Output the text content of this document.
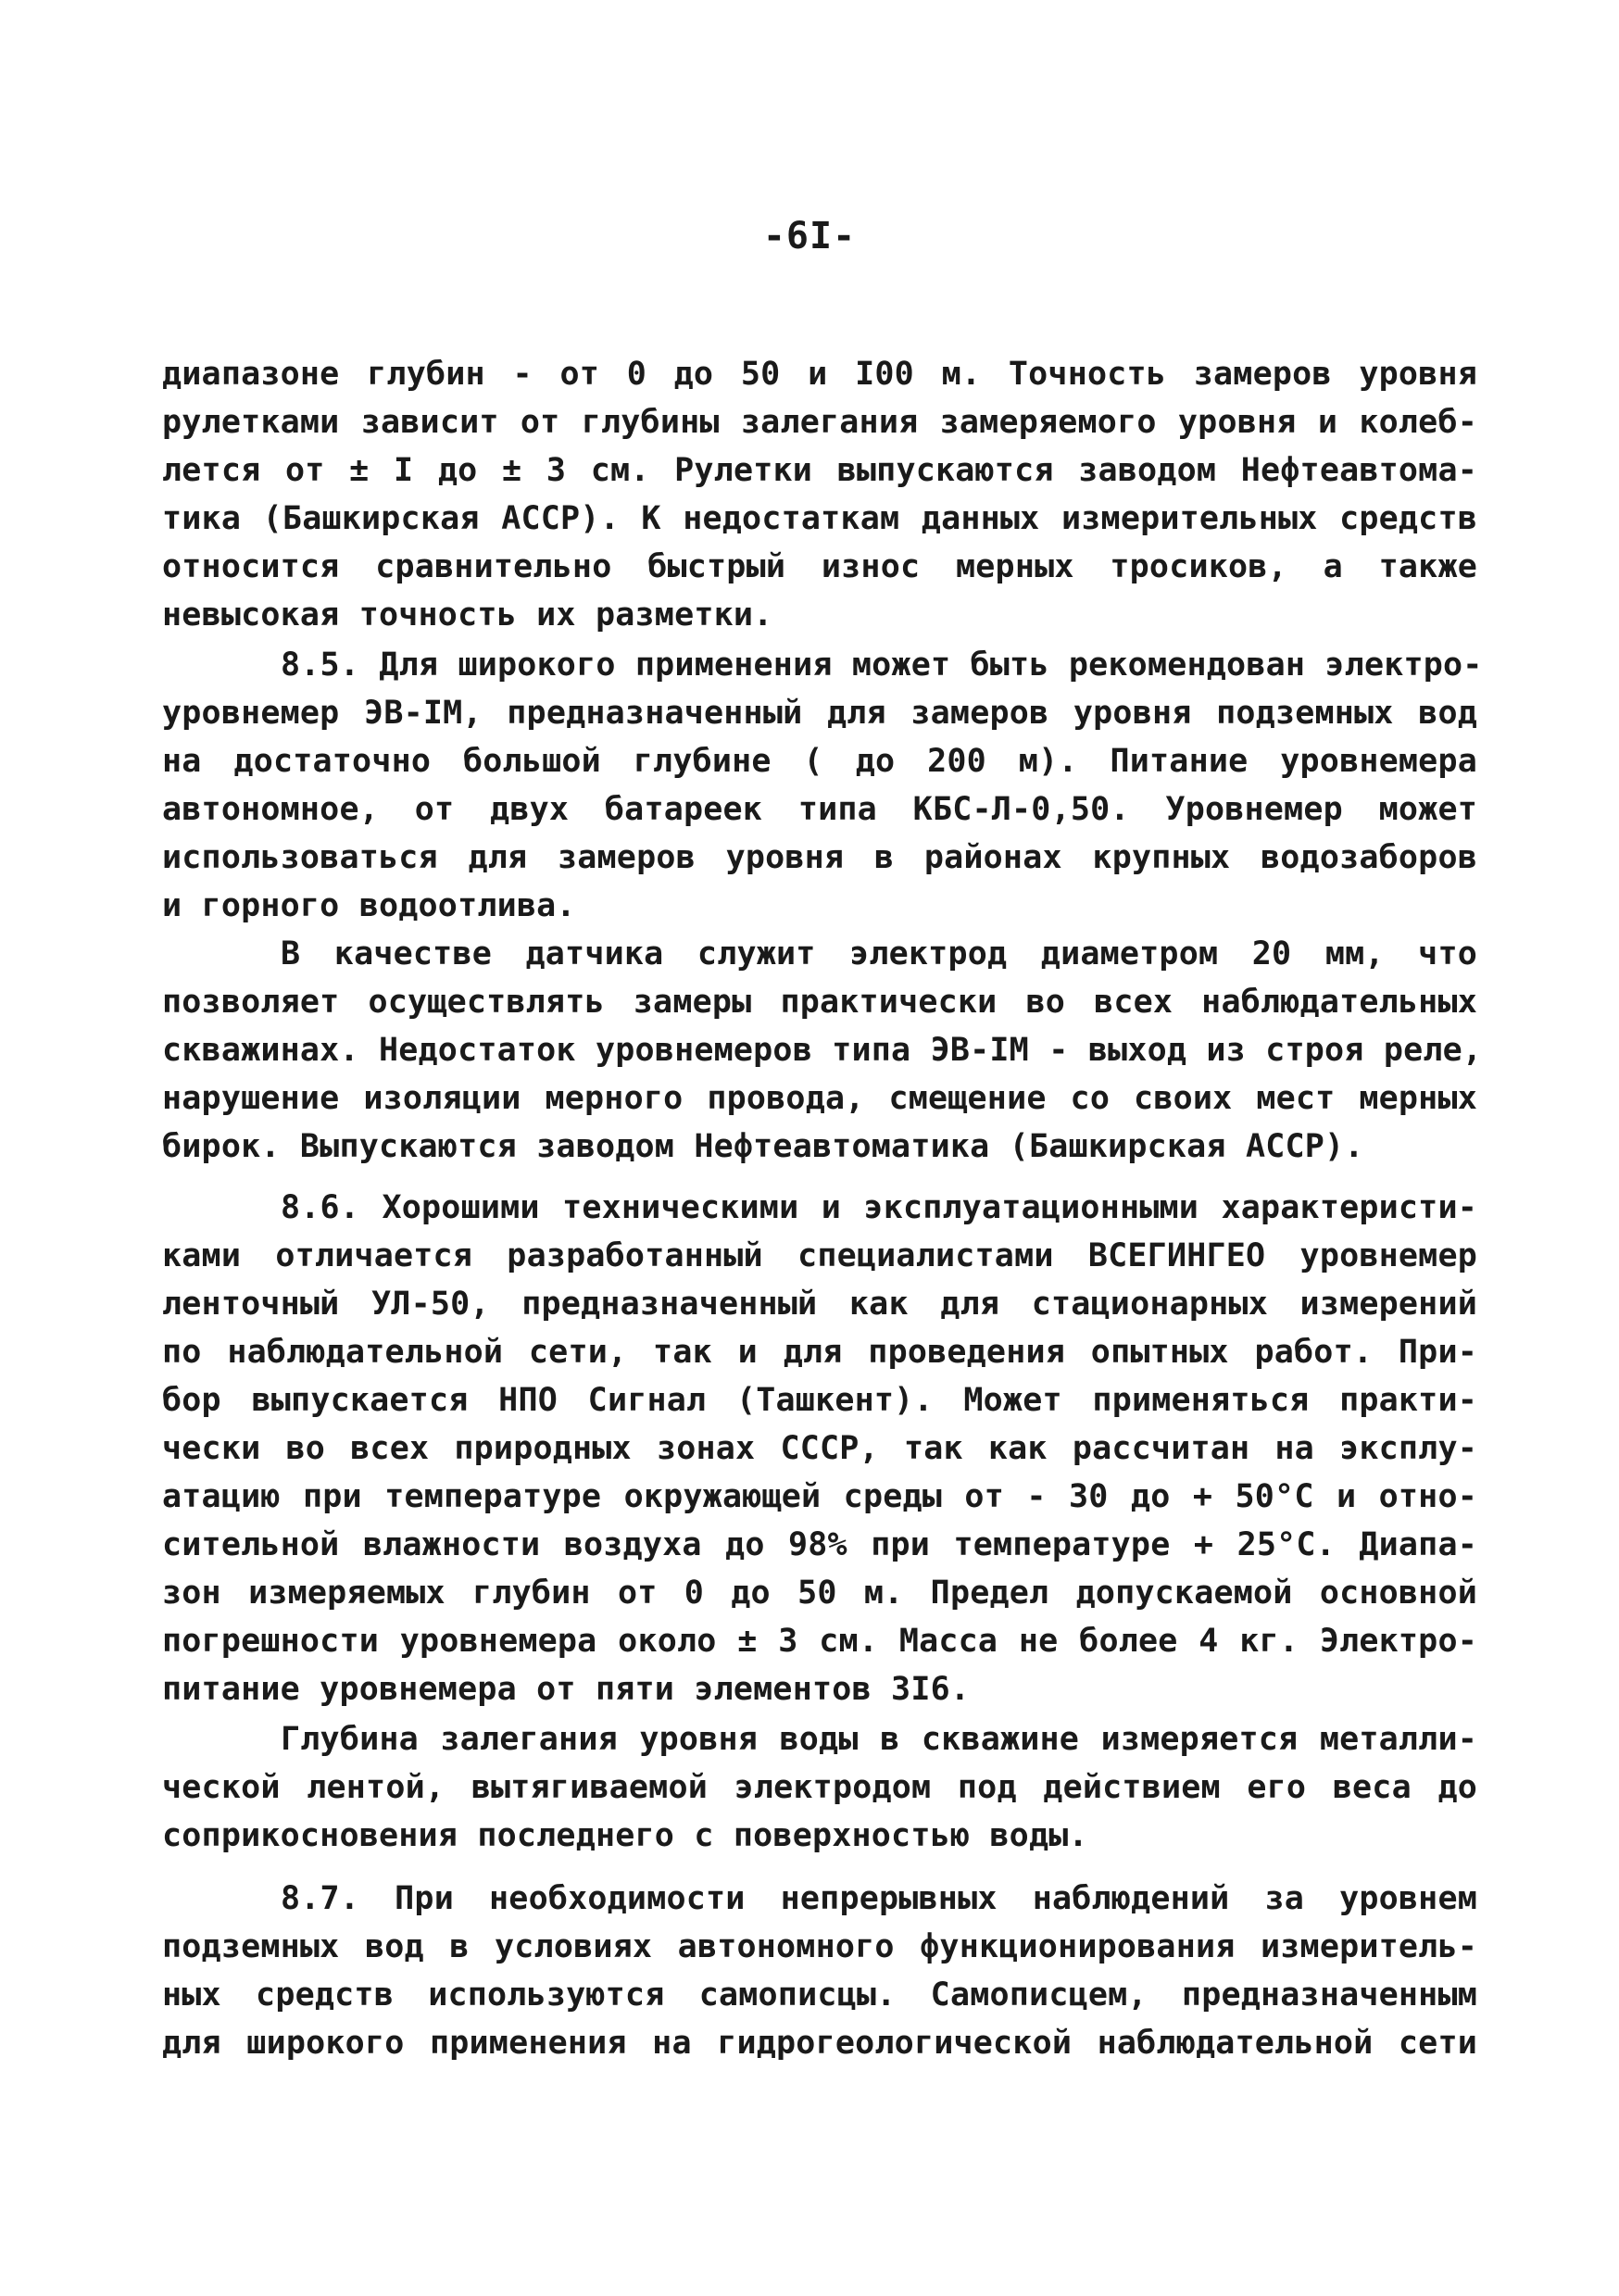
-6I-
диапазоне глубин - от 0 до 50 и I00 м. Точность замеров уровня
рулетками зависит от глубины залегания замеряемого уровня и колеб-
лется от ± I до ± 3 см. Рулетки выпускаются заводом Нефтеавтома-
тика (Башкирская АССР). К недостаткам данных измерительных средств
относится сравнительно быстрый износ мерных тросиков, а также
невысокая точность их разметки.
8.5. Для широкого применения может быть рекомендован электро-
уровнемер ЭВ-IМ, предназначенный для замеров уровня подземных вод
на достаточно большой глубине ( до 200 м). Питание уровнемера
автономное, от двух батареек типа КБС-Л-0,50. Уровнемер может
использоваться для замеров уровня в районах крупных водозаборов
и горного водоотлива.
В качестве датчика служит электрод диаметром 20 мм, что
позволяет осуществлять замеры практически во всех наблюдательных
скважинах. Недостаток уровнемеров типа ЭВ-IМ - выход из строя реле,
нарушение изоляции мерного провода, смещение со своих мест мерных
бирок. Выпускаются заводом Нефтеавтоматика (Башкирская АССР).
8.6. Хорошими техническими и эксплуатационными характеристи-
ками отличается разработанный специалистами ВСЕГИНГЕО уровнемер
ленточный УЛ-50, предназначенный как для стационарных измерений
по наблюдательной сети, так и для проведения опытных работ. При-
бор выпускается НПО Сигнал (Ташкент). Может применяться практи-
чески во всех природных зонах СССР, так как рассчитан на эксплу-
атацию при температуре окружающей среды от - 30 до + 50°С и отно-
сительной влажности воздуха до 98% при температуре + 25°С. Диапа-
зон измеряемых глубин от 0 до 50 м. Предел допускаемой основной
погрешности уровнемера около ± 3 см. Масса не более 4 кг. Электро-
питание уровнемера от пяти элементов 3I6.
Глубина залегания уровня воды в скважине измеряется металли-
ческой лентой, вытягиваемой электродом под действием его веса до
соприкосновения последнего с поверхностью воды.
8.7. При необходимости непрерывных наблюдений за уровнем
подземных вод в условиях автономного функционирования измеритель-
ных средств используются самописцы. Самописцем, предназначенным
для широкого применения на гидрогеологической наблюдательной сети
